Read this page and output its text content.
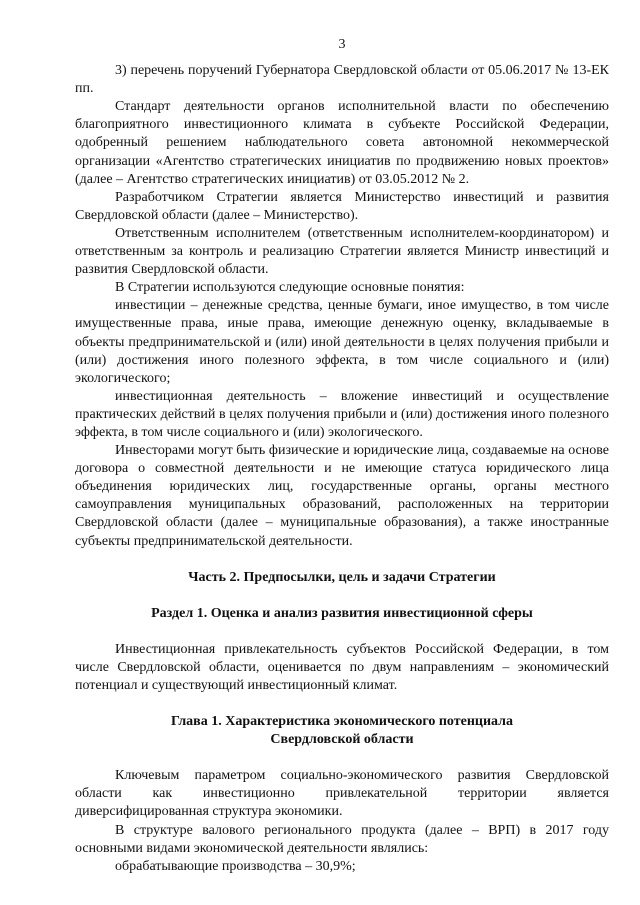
3

3) перечень поручений Губернатора Свердловской области от 05.06.2017 № 13-ЕК пп.

Стандарт деятельности органов исполнительной власти по обеспечению благоприятного инвестиционного климата в субъекте Российской Федерации, одобренный решением наблюдательного совета автономной некоммерческой организации «Агентство стратегических инициатив по продвижению новых проектов» (далее – Агентство стратегических инициатив) от 03.05.2012 № 2.

Разработчиком Стратегии является Министерство инвестиций и развития Свердловской области (далее – Министерство).

Ответственным исполнителем (ответственным исполнителем-координатором) и ответственным за контроль и реализацию Стратегии является Министр инвестиций и развития Свердловской области.

В Стратегии используются следующие основные понятия:

инвестиции – денежные средства, ценные бумаги, иное имущество, в том числе имущественные права, иные права, имеющие денежную оценку, вкладываемые в объекты предпринимательской и (или) иной деятельности в целях получения прибыли и (или) достижения иного полезного эффекта, в том числе социального и (или) экологического;

инвестиционная деятельность – вложение инвестиций и осуществление практических действий в целях получения прибыли и (или) достижения иного полезного эффекта, в том числе социального и (или) экологического.

Инвесторами могут быть физические и юридические лица, создаваемые на основе договора о совместной деятельности и не имеющие статуса юридического лица объединения юридических лиц, государственные органы, органы местного самоуправления муниципальных образований, расположенных на территории Свердловской области (далее – муниципальные образования), а также иностранные субъекты предпринимательской деятельности.

Часть 2. Предпосылки, цель и задачи Стратегии

Раздел 1. Оценка и анализ развития инвестиционной сферы

Инвестиционная привлекательность субъектов Российской Федерации, в том числе Свердловской области, оценивается по двум направлениям – экономический потенциал и существующий инвестиционный климат.

Глава 1. Характеристика экономического потенциала

Свердловской области

Ключевым параметром социально-экономического развития Свердловской области как инвестиционно привлекательной территории является диверсифицированная структура экономики.

В структуре валового регионального продукта (далее – ВРП) в 2017 году основными видами экономической деятельности являлись:

обрабатывающие производства – 30,9%;
